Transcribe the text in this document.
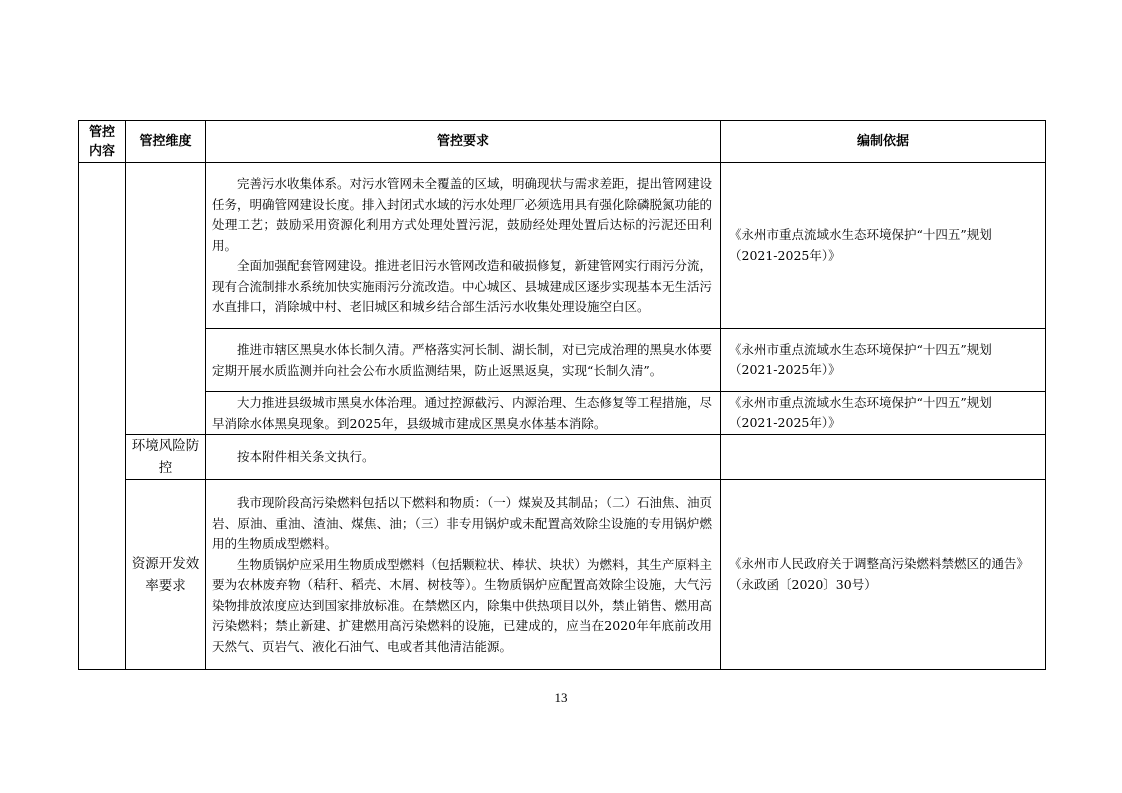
管控内容	管控维度	管控要求	编制依据

		完善污水收集体系。对污水管网未全覆盖的区域，明确现状与需求差距，提出管网建设任务，明确管网建设长度。排入封闭式水域的污水处理厂必须选用具有强化除磷脱氮功能的处理工艺；鼓励采用资源化利用方式处理处置污泥，鼓励经处理处置后达标的污泥还田利用。

全面加强配套管网建设。推进老旧污水管网改造和破损修复，新建管网实行雨污分流，现有合流制排水系统加快实施雨污分流改造。中心城区、县城建成区逐步实现基本无生活污水直排口，消除城中村、老旧城区和城乡结合部生活污水收集处理设施空白区。	《永州市重点流域水生态环境保护“十四五”规划（2021-2025年）》

		推进市辖区黑臭水体长制久清。严格落实河长制、湖长制，对已完成治理的黑臭水体要定期开展水质监测并向社会公布水质监测结果，防止返黑返臭，实现“长制久清”。	《永州市重点流域水生态环境保护“十四五”规划（2021-2025年）》

		大力推进县级城市黑臭水体治理。通过控源截污、内源治理、生态修复等工程措施，尽早消除水体黑臭现象。到2025年，县级城市建成区黑臭水体基本消除。	《永州市重点流域水生态环境保护“十四五”规划（2021-2025年）》
	环境风险防控	按本附件相关条文执行。	

	资源开发效率要求	我市现阶段高污染燃料包括以下燃料和物质：（一）煤炭及其制品；（二）石油焦、油页岩、原油、重油、渣油、煤焦、油；（三）非专用锅炉或未配置高效除尘设施的专用锅炉燃用的生物质成型燃料。

生物质锅炉应采用生物质成型燃料（包括颗粒状、棒状、块状）为燃料，其生产原料主要为农林废弃物（秸秆、稻壳、木屑、树枝等）。生物质锅炉应配置高效除尘设施，大气污染物排放浓度应达到国家排放标准。在禁燃区内，除集中供热项目以外，禁止销售、燃用高污染燃料；禁止新建、扩建燃用高污染燃料的设施，已建成的，应当在2020年年底前改用天然气、页岩气、液化石油气、电或者其他清洁能源。	《永州市人民政府关于调整高污染燃料禁燃区的通告》（永政函〔2020〕30号）
13
